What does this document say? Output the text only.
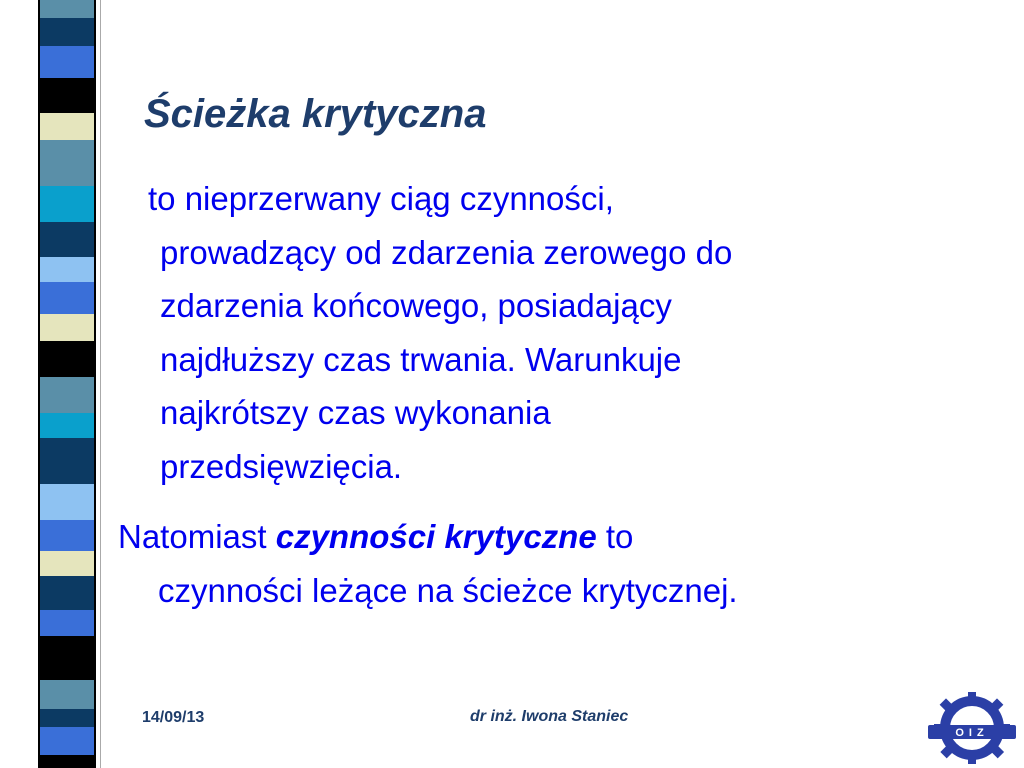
Ścieżka krytyczna

to nieprzerwany ciąg czynności,
prowadzący od zdarzenia zerowego do
zdarzenia końcowego, posiadający
najdłuższy czas trwania. Warunkuje
najkrótszy czas wykonania
przedsięwzięcia.

Natomiast czynności krytyczne to
czynności leżące na ścieżce krytycznej.

14/09/13	dr inż. Iwona Staniec
OIZ
